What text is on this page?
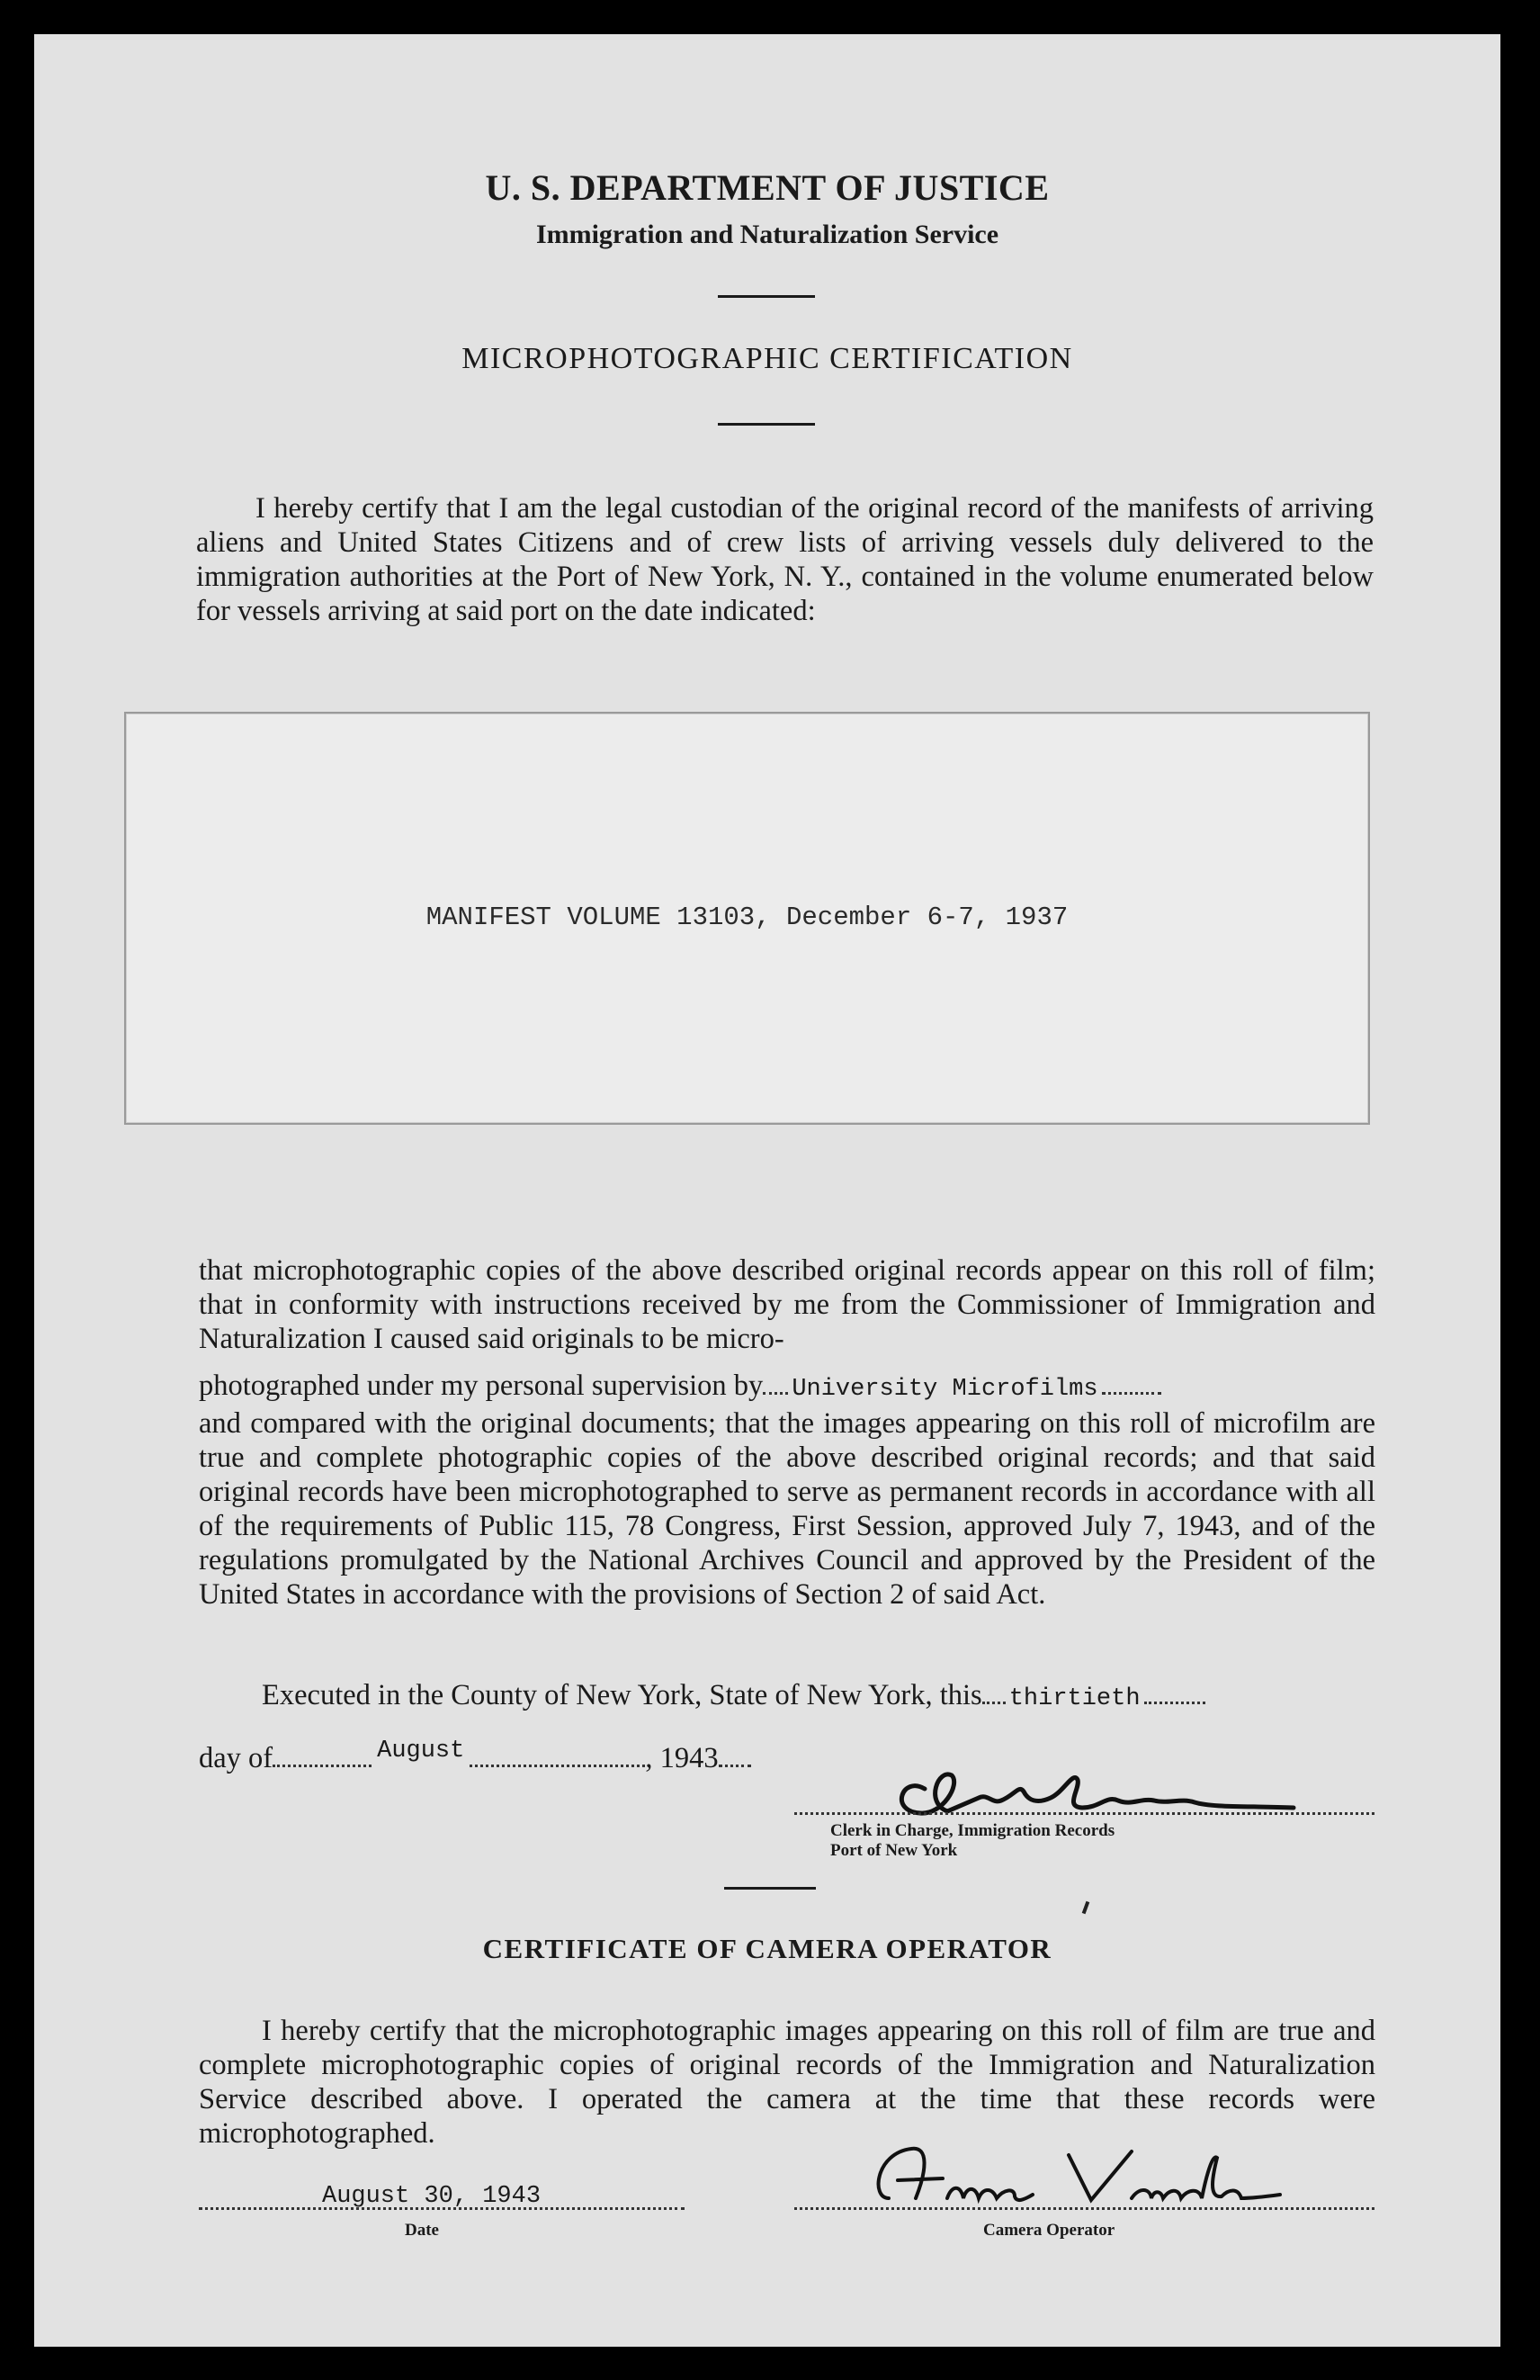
U. S. DEPARTMENT OF JUSTICE
Immigration and Naturalization Service
MICROPHOTOGRAPHIC CERTIFICATION
I hereby certify that I am the legal custodian of the original record of the manifests of arriving aliens and United States Citizens and of crew lists of arriving vessels duly delivered to the immigration authorities at the Port of New York, N. Y., contained in the volume enumerated below for vessels arriving at said port on the date indicated:
MANIFEST VOLUME 13103, December 6-7, 1937
that microphotographic copies of the above described original records appear on this roll of film; that in conformity with instructions received by me from the Commissioner of Immigration and Naturalization I caused said originals to be micro-
photographed under my personal supervision by University Microfilms
and compared with the original documents; that the images appearing on this roll of microfilm are true and complete photographic copies of the above described original records; and that said original records have been microphotographed to serve as permanent records in accordance with all of the requirements of Public 115, 78 Congress, First Session, approved July 7, 1943, and of the regulations promulgated by the National Archives Council and approved by the President of the United States in accordance with the provisions of Section 2 of said Act.
Executed in the County of New York, State of New York, this thirtieth
day of	$^{August}$	, 1943
Clerk in Charge, Immigration Records
Port of New York
CERTIFICATE OF CAMERA OPERATOR
I hereby certify that the microphotographic images appearing on this roll of film are true and complete microphotographic copies of original records of the Immigration and Naturalization Service described above. I operated the camera at the time that these records were microphotographed.
August 30, 1943
Date	Camera Operator
